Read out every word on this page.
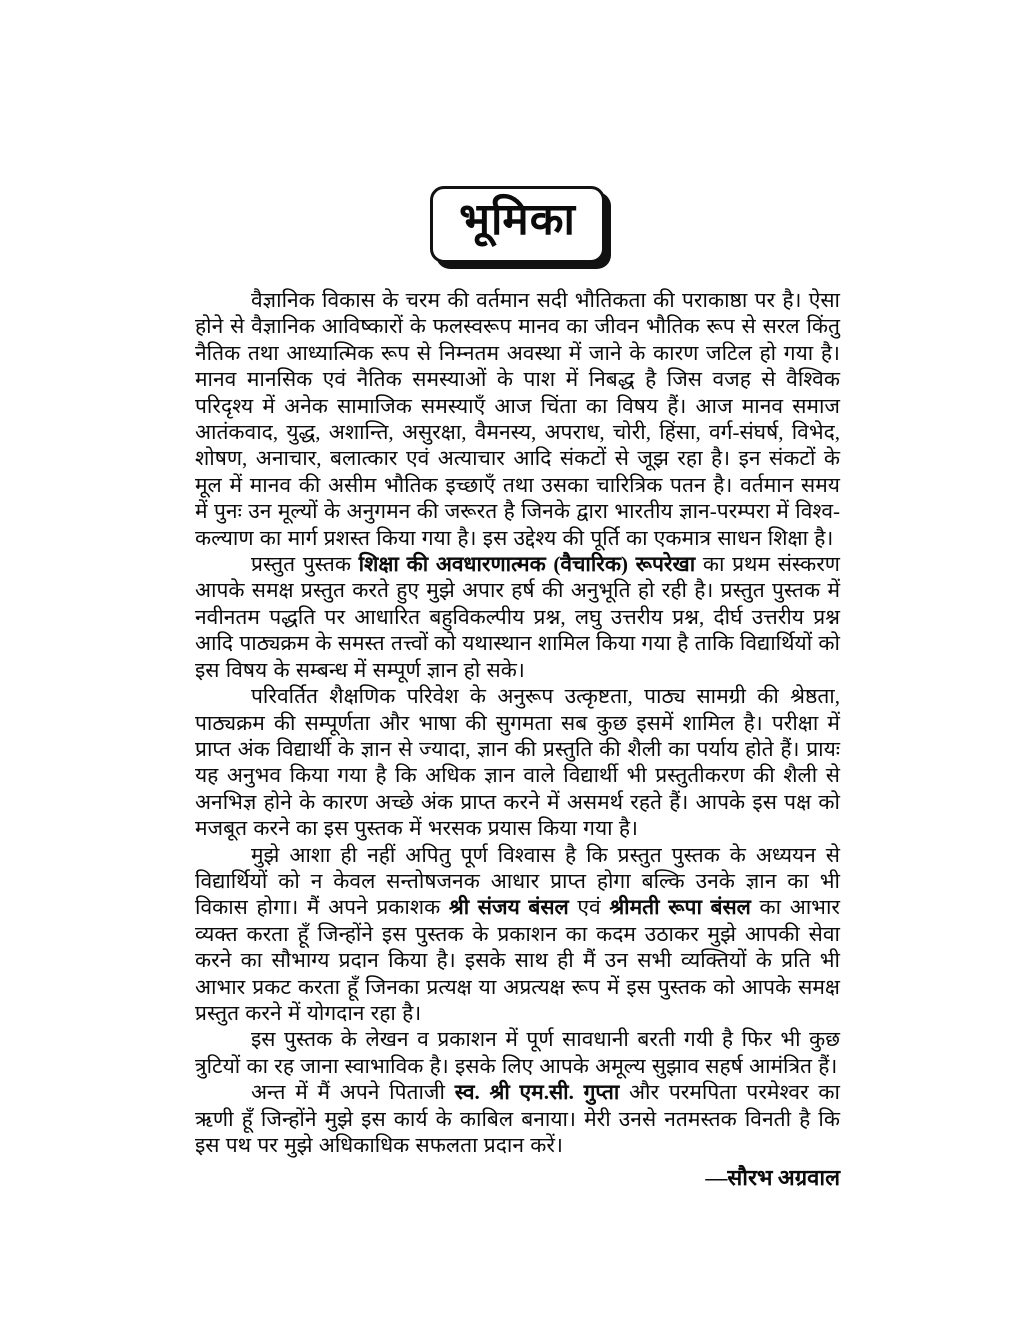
भूमिका

वैज्ञानिक विकास के चरम की वर्तमान सदी भौतिकता की पराकाष्ठा पर है। ऐसा होने से वैज्ञानिक आविष्कारों के फलस्वरूप मानव का जीवन भौतिक रूप से सरल किंतु नैतिक तथा आध्यात्मिक रूप से निम्नतम अवस्था में जाने के कारण जटिल हो गया है। मानव मानसिक एवं नैतिक समस्याओं के पाश में निबद्ध है जिस वजह से वैश्विक परिदृश्य में अनेक सामाजिक समस्याएँ आज चिंता का विषय हैं। आज मानव समाज आतंकवाद, युद्ध, अशान्ति, असुरक्षा, वैमनस्य, अपराध, चोरी, हिंसा, वर्ग-संघर्ष, विभेद, शोषण, अनाचार, बलात्कार एवं अत्याचार आदि संकटों से जूझ रहा है। इन संकटों के मूल में मानव की असीम भौतिक इच्छाएँ तथा उसका चारित्रिक पतन है। वर्तमान समय में पुनः उन मूल्यों के अनुगमन की जरूरत है जिनके द्वारा भारतीय ज्ञान-परम्परा में विश्व-कल्याण का मार्ग प्रशस्त किया गया है। इस उद्देश्य की पूर्ति का एकमात्र साधन शिक्षा है।

प्रस्तुत पुस्तक शिक्षा की अवधारणात्मक (वैचारिक) रूपरेखा का प्रथम संस्करण आपके समक्ष प्रस्तुत करते हुए मुझे अपार हर्ष की अनुभूति हो रही है। प्रस्तुत पुस्तक में नवीनतम पद्धति पर आधारित बहुविकल्पीय प्रश्न, लघु उत्तरीय प्रश्न, दीर्घ उत्तरीय प्रश्न आदि पाठ्यक्रम के समस्त तत्त्वों को यथास्थान शामिल किया गया है ताकि विद्यार्थियों को इस विषय के सम्बन्ध में सम्पूर्ण ज्ञान हो सके।

परिवर्तित शैक्षणिक परिवेश के अनुरूप उत्कृष्टता, पाठ्य सामग्री की श्रेष्ठता, पाठ्यक्रम की सम्पूर्णता और भाषा की सुगमता सब कुछ इसमें शामिल है। परीक्षा में प्राप्त अंक विद्यार्थी के ज्ञान से ज्यादा, ज्ञान की प्रस्तुति की शैली का पर्याय होते हैं। प्रायः यह अनुभव किया गया है कि अधिक ज्ञान वाले विद्यार्थी भी प्रस्तुतीकरण की शैली से अनभिज्ञ होने के कारण अच्छे अंक प्राप्त करने में असमर्थ रहते हैं। आपके इस पक्ष को मजबूत करने का इस पुस्तक में भरसक प्रयास किया गया है।

मुझे आशा ही नहीं अपितु पूर्ण विश्वास है कि प्रस्तुत पुस्तक के अध्ययन से विद्यार्थियों को न केवल सन्तोषजनक आधार प्राप्त होगा बल्कि उनके ज्ञान का भी विकास होगा। मैं अपने प्रकाशक श्री संजय बंसल एवं श्रीमती रूपा बंसल का आभार व्यक्त करता हूँ जिन्होंने इस पुस्तक के प्रकाशन का कदम उठाकर मुझे आपकी सेवा करने का सौभाग्य प्रदान किया है। इसके साथ ही मैं उन सभी व्यक्तियों के प्रति भी आभार प्रकट करता हूँ जिनका प्रत्यक्ष या अप्रत्यक्ष रूप में इस पुस्तक को आपके समक्ष प्रस्तुत करने में योगदान रहा है।

इस पुस्तक के लेखन व प्रकाशन में पूर्ण सावधानी बरती गयी है फिर भी कुछ त्रुटियों का रह जाना स्वाभाविक है। इसके लिए आपके अमूल्य सुझाव सहर्ष आमंत्रित हैं।

अन्त में मैं अपने पिताजी स्व. श्री एम.सी. गुप्ता और परमपिता परमेश्वर का ऋणी हूँ जिन्होंने मुझे इस कार्य के काबिल बनाया। मेरी उनसे नतमस्तक विनती है कि इस पथ पर मुझे अधिकाधिक सफलता प्रदान करें।

—सौरभ अग्रवाल
